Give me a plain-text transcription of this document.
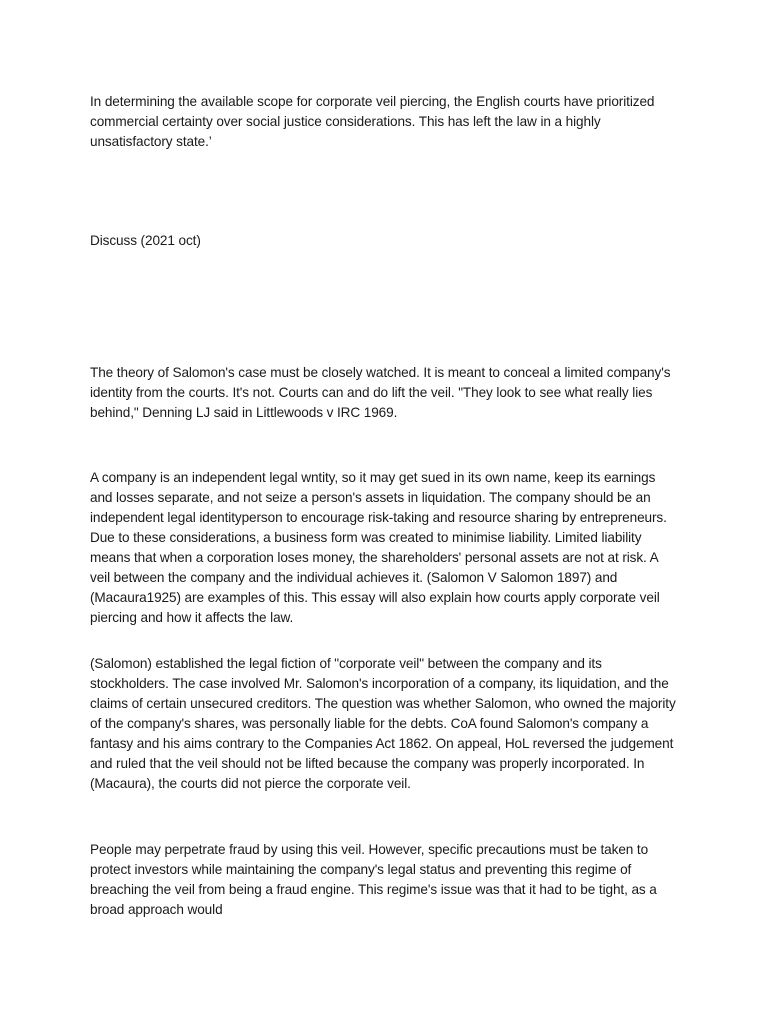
In determining the available scope for corporate veil piercing, the English courts have prioritized commercial certainty over social justice considerations. This has left the law in a highly unsatisfactory state.’

Discuss (2021 oct)

The theory of Salomon's case must be closely watched. It is meant to conceal a limited company's identity from the courts. It's not. Courts can and do lift the veil. "They look to see what really lies behind," Denning LJ said in Littlewoods v IRC 1969.

A company is an independent legal wntity, so it may get sued in its own name, keep its earnings and losses separate, and not seize a person's assets in liquidation. The company should be an independent legal identityperson to encourage risk-taking and resource sharing by entrepreneurs. Due to these considerations, a business form was created to minimise liability. Limited liability means that when a corporation loses money, the shareholders' personal assets are not at risk. A veil between the company and the individual achieves it. (Salomon V Salomon 1897) and (Macaura1925) are examples of this. This essay will also explain how courts apply corporate veil piercing and how it affects the law.

(Salomon) established the legal fiction of "corporate veil" between the company and its stockholders. The case involved Mr. Salomon's incorporation of a company, its liquidation, and the claims of certain unsecured creditors. The question was whether Salomon, who owned the majority of the company's shares, was personally liable for the debts. CoA found Salomon's company a fantasy and his aims contrary to the Companies Act 1862. On appeal, HoL reversed the judgement and ruled that the veil should not be lifted because the company was properly incorporated. In (Macaura), the courts did not pierce the corporate veil.

People may perpetrate fraud by using this veil. However, specific precautions must be taken to protect investors while maintaining the company's legal status and preventing this regime of breaching the veil from being a fraud engine. This regime's issue was that it had to be tight, as a broad approach would
